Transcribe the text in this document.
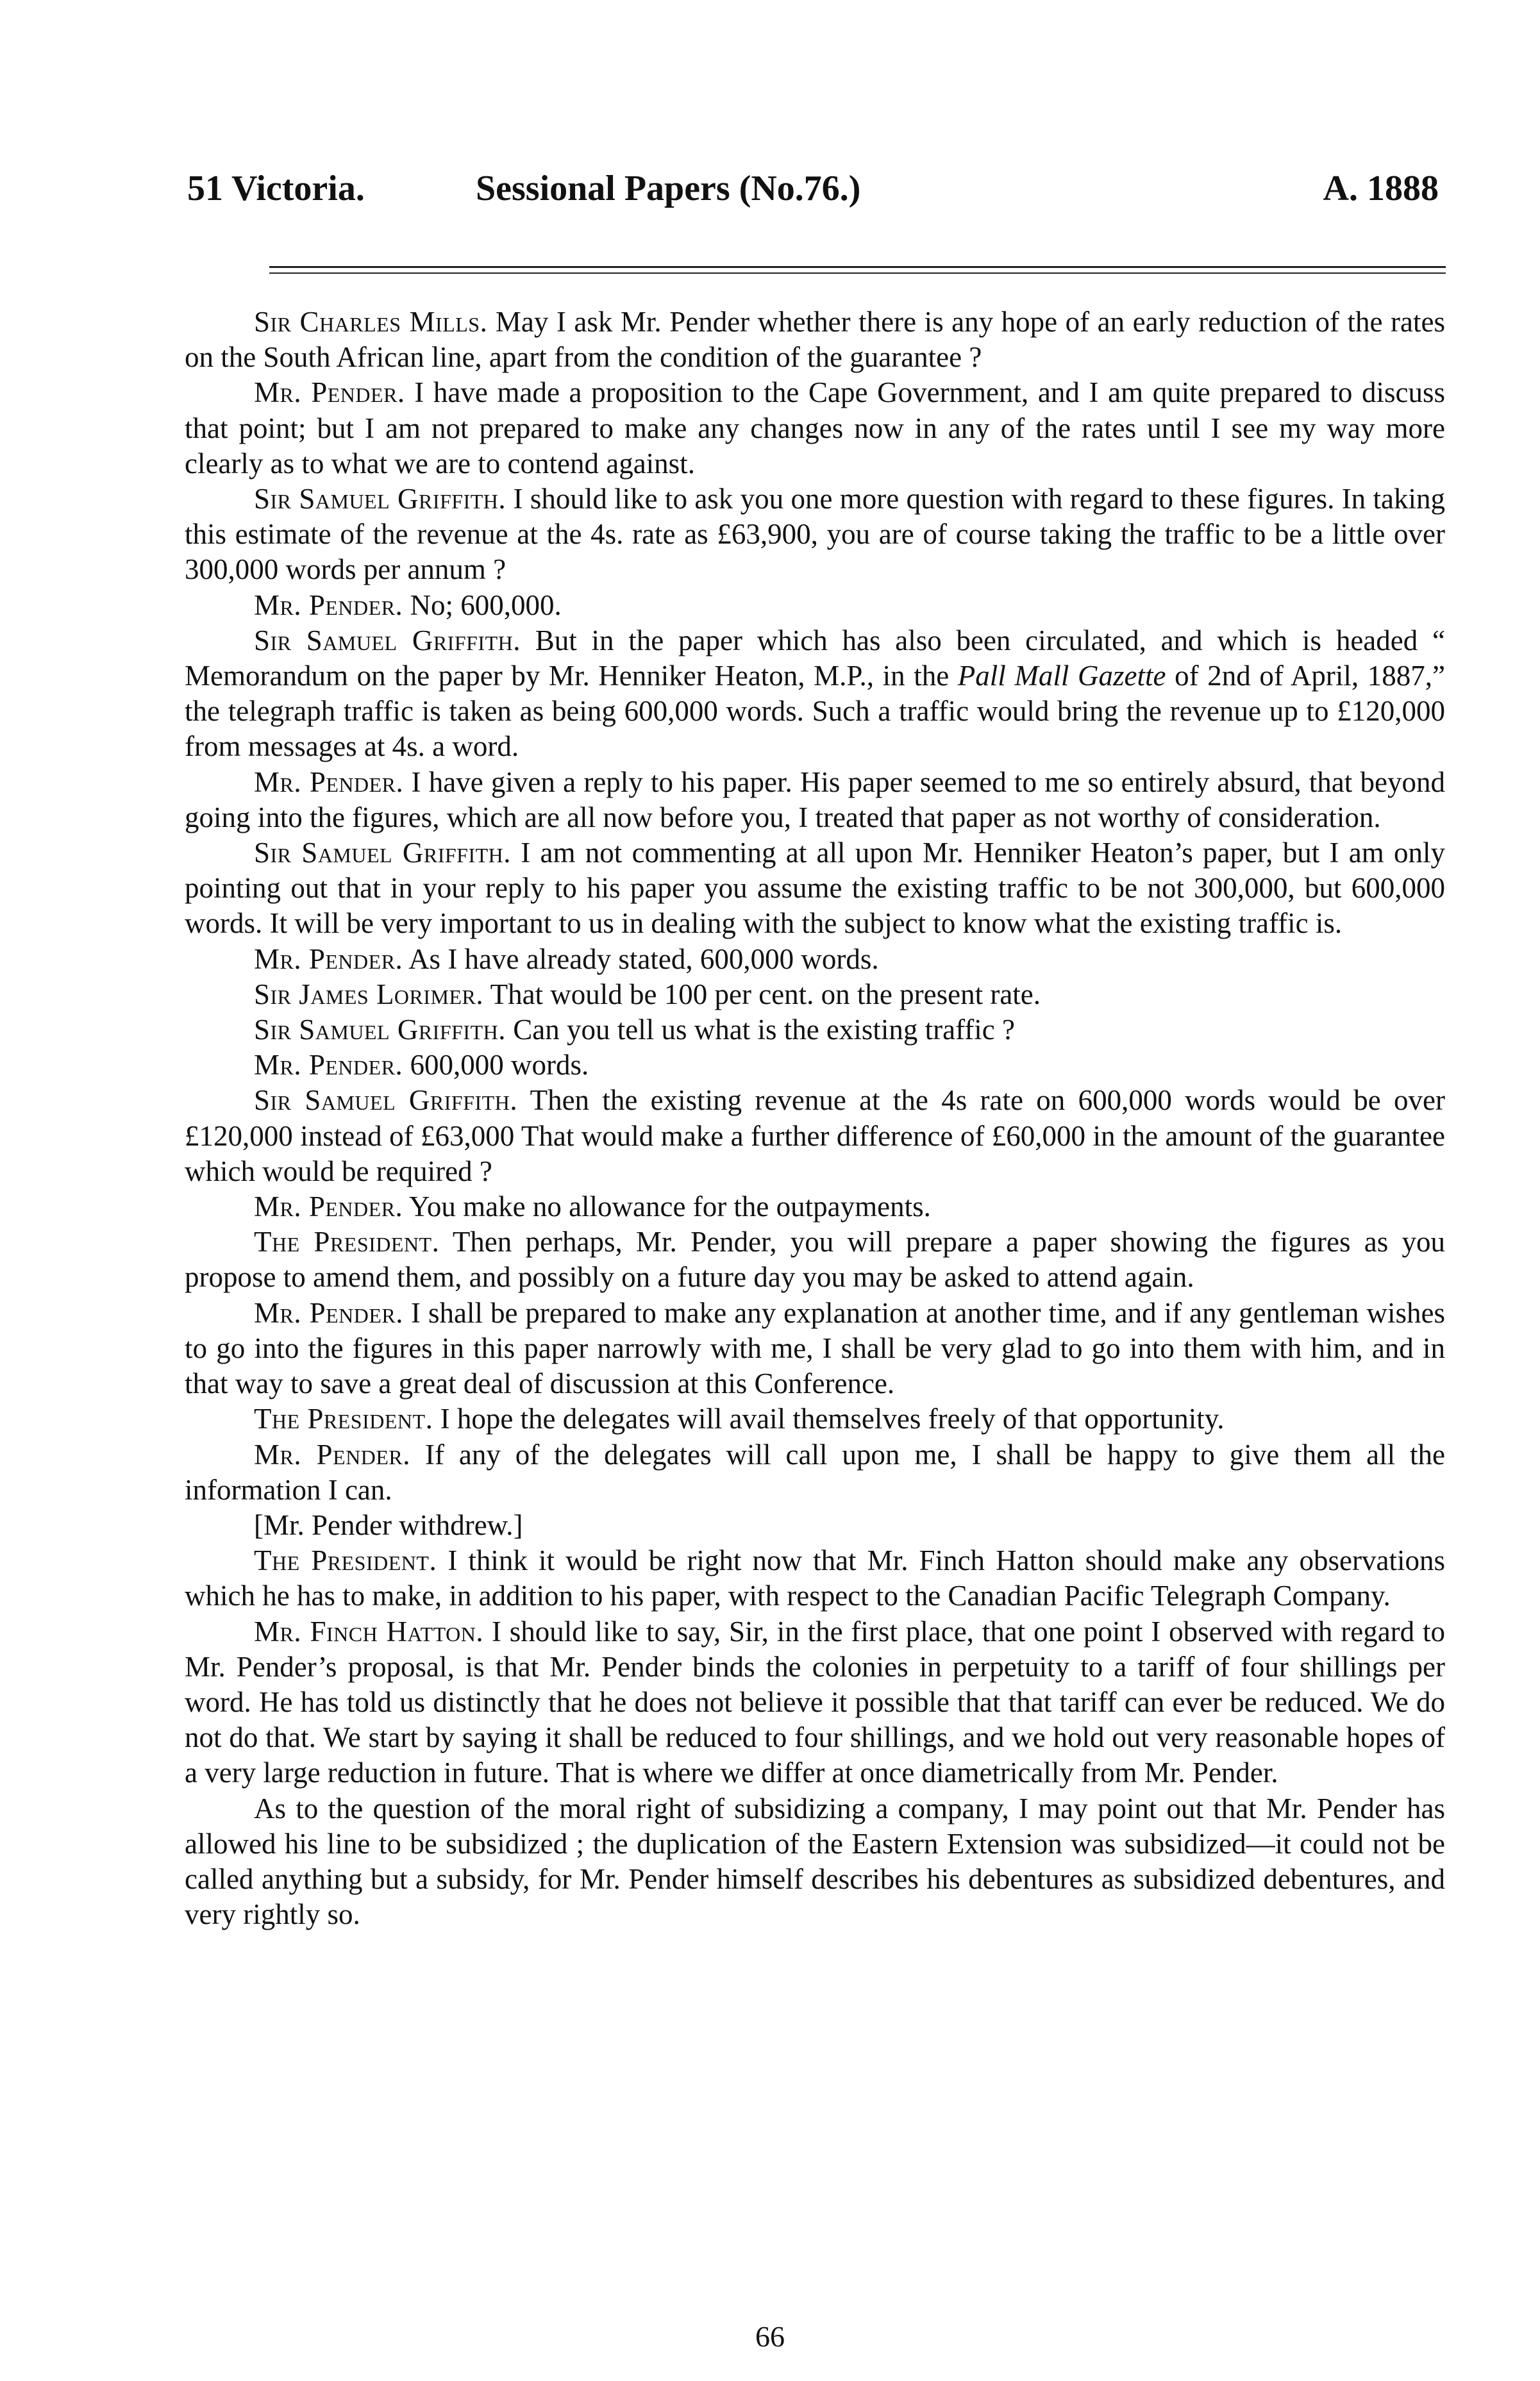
51 Victoria.	Sessional Papers (No.76.)	A. 1888

Sir Charles Mills. May I ask Mr. Pender whether there is any hope of an early reduction of the rates on the South African line, apart from the condition of the guarantee ?

Mr. Pender. I have made a proposition to the Cape Government, and I am quite prepared to discuss that point; but I am not prepared to make any changes now in any of the rates until I see my way more clearly as to what we are to contend against.

Sir Samuel Griffith. I should like to ask you one more question with regard to these figures. In taking this estimate of the revenue at the 4s. rate as £63,900, you are of course taking the traffic to be a little over 300,000 words per annum ?

Mr. Pender. No; 600,000.

Sir Samuel Griffith. But in the paper which has also been circulated, and which is headed “ Memorandum on the paper by Mr. Henniker Heaton, M.P., in the Pall Mall Gazette of 2nd of April, 1887,” the telegraph traffic is taken as being 600,000 words. Such a traffic would bring the revenue up to £120,000 from messages at 4s. a word.

Mr. Pender. I have given a reply to his paper. His paper seemed to me so entirely absurd, that beyond going into the figures, which are all now before you, I treated that paper as not worthy of consideration.

Sir Samuel Griffith. I am not commenting at all upon Mr. Henniker Heaton’s paper, but I am only pointing out that in your reply to his paper you assume the existing traffic to be not 300,000, but 600,000 words. It will be very important to us in dealing with the subject to know what the existing traffic is.

Mr. Pender. As I have already stated, 600,000 words.

Sir James Lorimer. That would be 100 per cent. on the present rate.

Sir Samuel Griffith. Can you tell us what is the existing traffic ?

Mr. Pender. 600,000 words.

Sir Samuel Griffith. Then the existing revenue at the 4s rate on 600,000 words would be over £120,000 instead of £63,000 That would make a further difference of £60,000 in the amount of the guarantee which would be required ?

Mr. Pender. You make no allowance for the outpayments.

The President. Then perhaps, Mr. Pender, you will prepare a paper showing the figures as you propose to amend them, and possibly on a future day you may be asked to attend again.

Mr. Pender. I shall be prepared to make any explanation at another time, and if any gentleman wishes to go into the figures in this paper narrowly with me, I shall be very glad to go into them with him, and in that way to save a great deal of discussion at this Conference.

The President. I hope the delegates will avail themselves freely of that opportunity.

Mr. Pender. If any of the delegates will call upon me, I shall be happy to give them all the information I can.

[Mr. Pender withdrew.]

The President. I think it would be right now that Mr. Finch Hatton should make any observations which he has to make, in addition to his paper, with respect to the Canadian Pacific Telegraph Company.

Mr. Finch Hatton. I should like to say, Sir, in the first place, that one point I observed with regard to Mr. Pender’s proposal, is that Mr. Pender binds the colonies in perpetuity to a tariff of four shillings per word. He has told us distinctly that he does not believe it possible that that tariff can ever be reduced. We do not do that. We start by saying it shall be reduced to four shillings, and we hold out very reasonable hopes of a very large reduction in future. That is where we differ at once diametrically from Mr. Pender.

As to the question of the moral right of subsidizing a company, I may point out that Mr. Pender has allowed his line to be subsidized ; the duplication of the Eastern Extension was subsidized—it could not be called anything but a subsidy, for Mr. Pender himself describes his debentures as subsidized debentures, and very rightly so.

66
